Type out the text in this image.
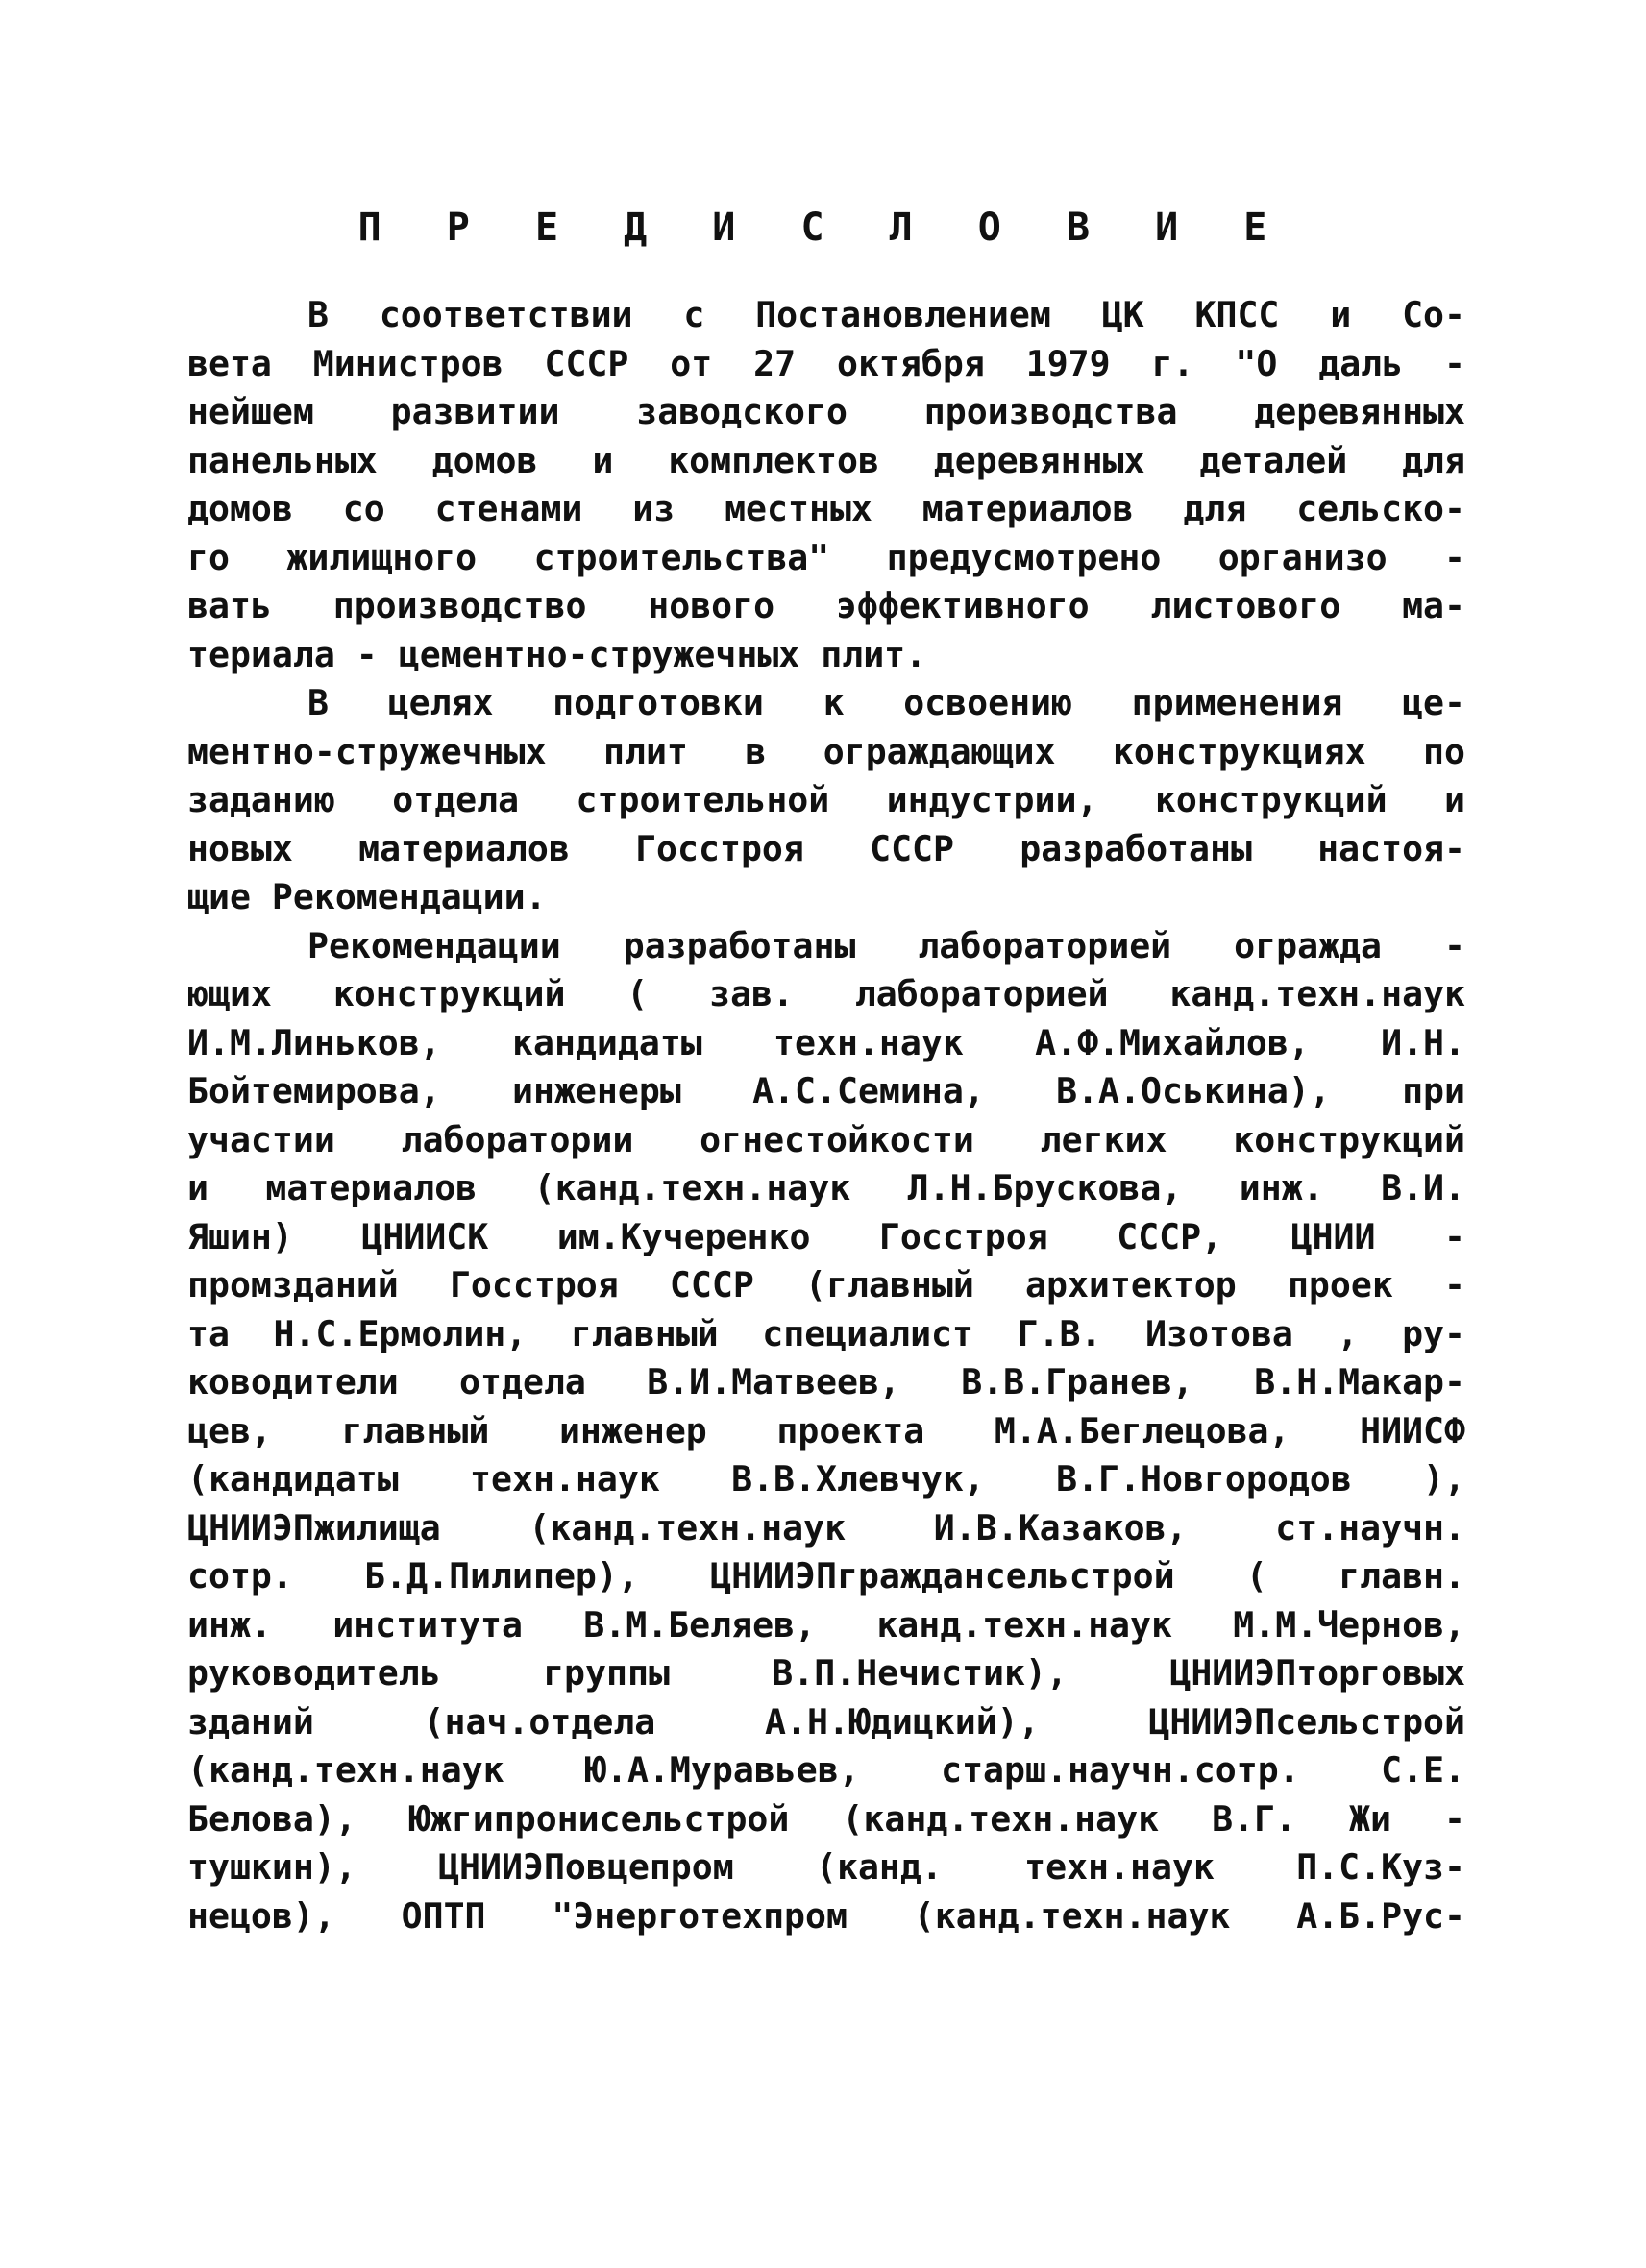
П Р Е Д И С Л О В И Е
В соответствии с Постановлением ЦК КПСС и Со-
вета Министров СССР от 27 октября 1979 г. "О даль -
нейшем развитии заводского производства деревянных
панельных домов и комплектов деревянных деталей для
домов со стенами из местных материалов для сельско-
го жилищного строительства" предусмотрено организо -
вать производство нового эффективного листового ма-
териала - цементно-стружечных плит.
В целях подготовки к освоению применения це-
ментно-стружечных плит в ограждающих конструкциях по
заданию отдела строительной индустрии, конструкций и
новых материалов Госстроя СССР разработаны настоя-
щие Рекомендации.
Рекомендации разработаны лабораторией огражда -
ющих конструкций ( зав. лабораторией канд.техн.наук
И.М.Линьков, кандидаты техн.наук А.Ф.Михайлов, И.Н.
Бойтемирова, инженеры А.С.Семина, В.А.Оськина), при
участии лаборатории огнестойкости легких конструкций
и материалов (канд.техн.наук Л.Н.Брускова, инж. В.И.
Яшин) ЦНИИСК им.Кучеренко Госстроя СССР, ЦНИИ -
промзданий Госстроя СССР (главный архитектор проек -
та Н.С.Ермолин, главный специалист Г.В. Изотова , ру-
ководители отдела В.И.Матвеев, В.В.Гранев, В.Н.Макар-
цев, главный инженер проекта М.А.Беглецова, НИИСФ
(кандидаты техн.наук В.В.Хлевчук, В.Г.Новгородов ),
ЦНИИЭПжилища (канд.техн.наук И.В.Казаков, ст.научн.
сотр. Б.Д.Пилипер), ЦНИИЭПграждансельстрой ( главн.
инж. института В.М.Беляев, канд.техн.наук М.М.Чернов,
руководитель группы В.П.Нечистик), ЦНИИЭПторговых
зданий (нач.отдела А.Н.Юдицкий), ЦНИИЭПсельстрой
(канд.техн.наук Ю.А.Муравьев, старш.научн.сотр. С.Е.
Белова), Южгипронисельстрой (канд.техн.наук В.Г. Жи -
тушкин), ЦНИИЭПовцепром (канд. техн.наук П.С.Куз-
нецов), ОПТП "Энерготехпром (канд.техн.наук А.Б.Рус-
